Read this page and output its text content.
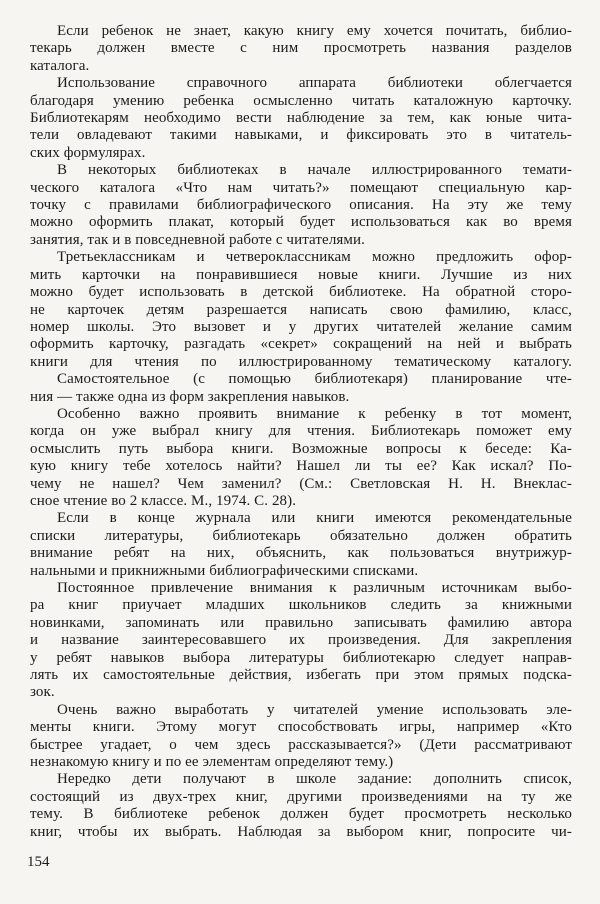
Если ребенок не знает, какую книгу ему хочется почитать, библио-
текарь должен вместе с ним просмотреть названия разделов
каталога.
Использование справочного аппарата библиотеки облегчается
благодаря умению ребенка осмысленно читать каталожную карточку.
Библиотекарям необходимо вести наблюдение за тем, как юные чита-
тели овладевают такими навыками, и фиксировать это в читатель-
ских формулярах.
В некоторых библиотеках в начале иллюстрированного темати-
ческого каталога «Что нам читать?» помещают специальную кар-
точку с правилами библиографического описания. На эту же тему
можно оформить плакат, который будет использоваться как во время
занятия, так и в повседневной работе с читателями.
Третьеклассникам и четвероклассникам можно предложить офор-
мить карточки на понравившиеся новые книги. Лучшие из них
можно будет использовать в детской библиотеке. На обратной сторо-
не карточек детям разрешается написать свою фамилию, класс,
номер школы. Это вызовет и у других читателей желание самим
оформить карточку, разгадать «секрет» сокращений на ней и выбрать
книги для чтения по иллюстрированному тематическому каталогу.
Самостоятельное (с помощью библиотекаря) планирование чте-
ния — также одна из форм закрепления навыков.
Особенно важно проявить внимание к ребенку в тот момент,
когда он уже выбрал книгу для чтения. Библиотекарь поможет ему
осмыслить путь выбора книги. Возможные вопросы к беседе: Ка-
кую книгу тебе хотелось найти? Нашел ли ты ее? Как искал? По-
чему не нашел? Чем заменил? (См.: Светловская Н. Н. Внеклас-
сное чтение во 2 классе. М., 1974. С. 28).
Если в конце журнала или книги имеются рекомендательные
списки литературы, библиотекарь обязательно должен обратить
внимание ребят на них, объяснить, как пользоваться внутрижур-
нальными и прикнижными библиографическими списками.
Постоянное привлечение внимания к различным источникам выбо-
ра книг приучает младших школьников следить за книжными
новинками, запоминать или правильно записывать фамилию автора
и название заинтересовавшего их произведения. Для закрепления
у ребят навыков выбора литературы библиотекарю следует направ-
лять их самостоятельные действия, избегать при этом прямых подска-
зок.
Очень важно выработать у читателей умение использовать эле-
менты книги. Этому могут способствовать игры, например «Кто
быстрее угадает, о чем здесь рассказывается?» (Дети рассматривают
незнакомую книгу и по ее элементам определяют тему.)
Нередко дети получают в школе задание: дополнить список,
состоящий из двух-трех книг, другими произведениями на ту же
тему. В библиотеке ребенок должен будет просмотреть несколько
книг, чтобы их выбрать. Наблюдая за выбором книг, попросите чи-
154
